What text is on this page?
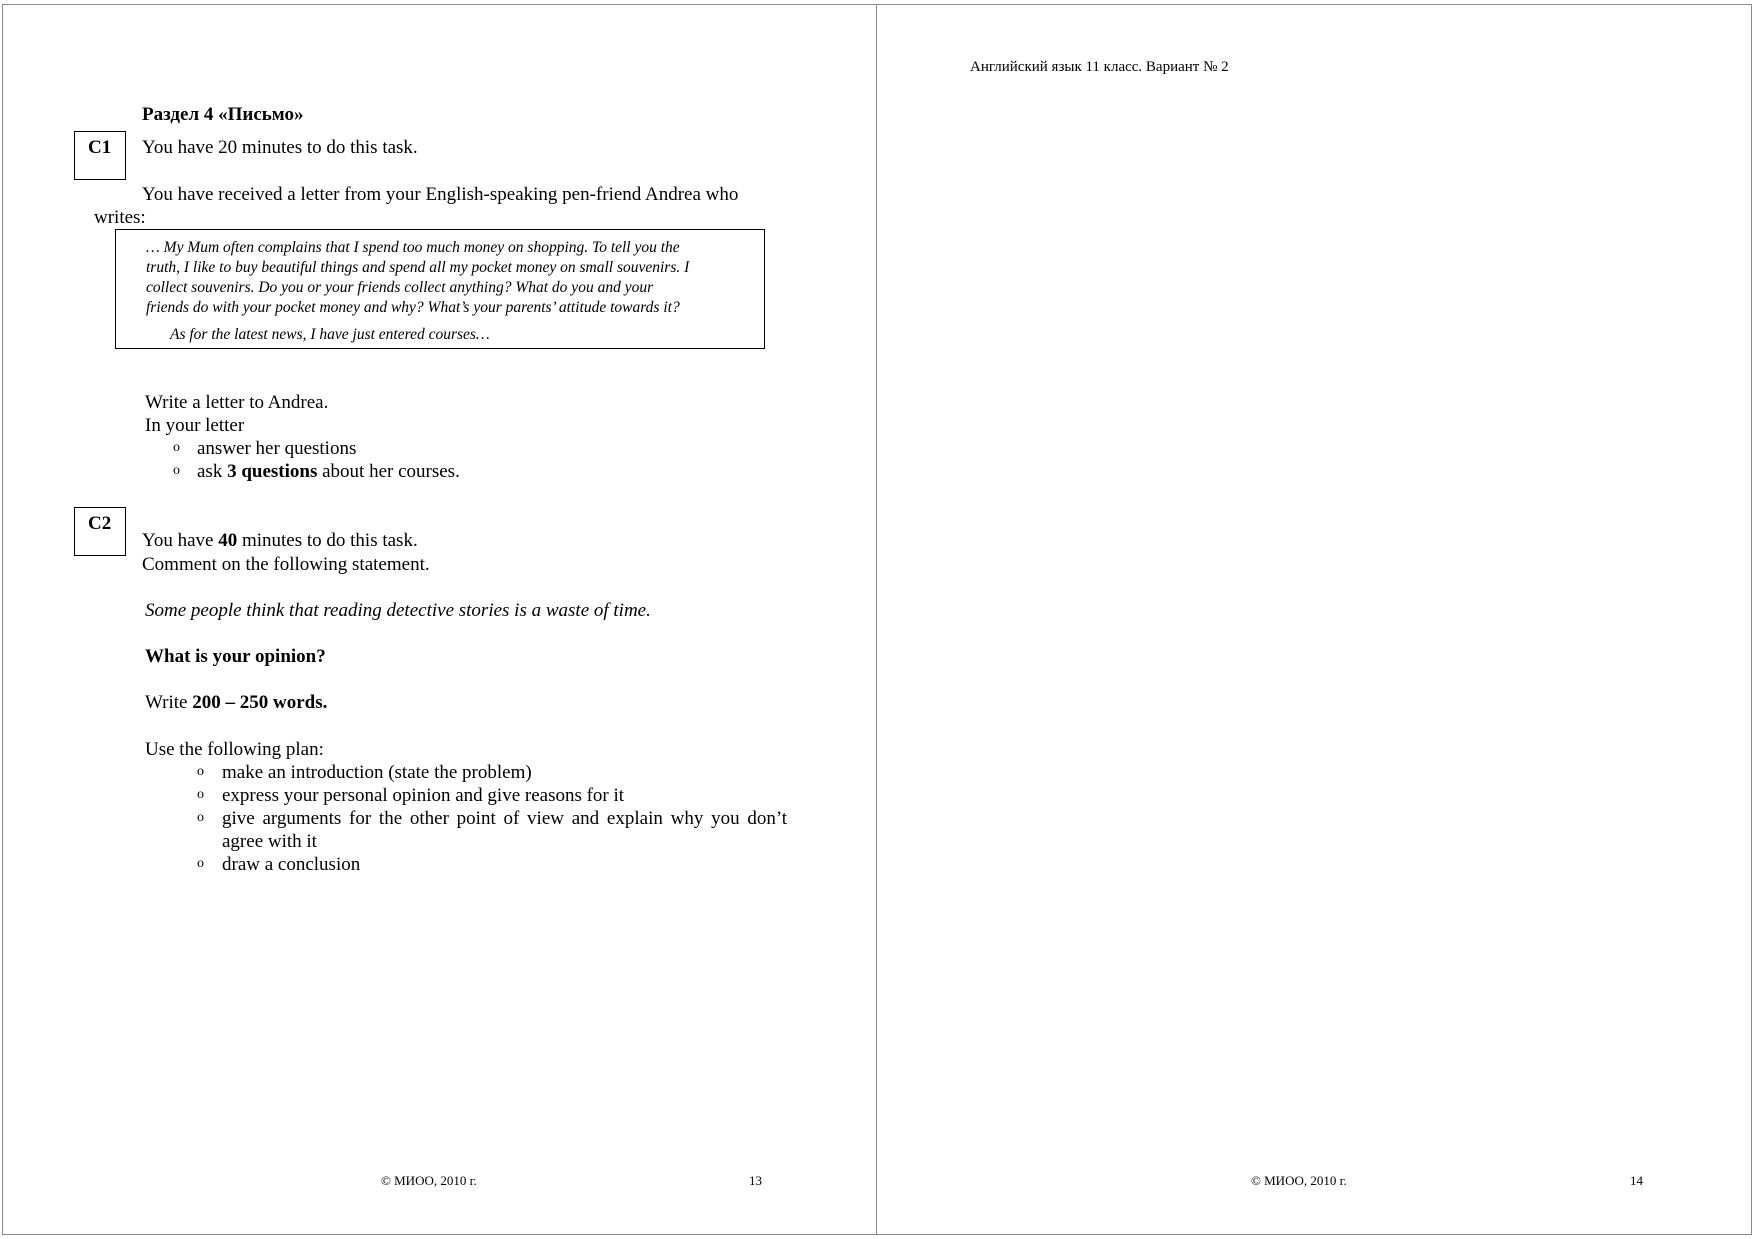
Раздел 4 «Письмо»
C1	You have 20 minutes to do this task.
You have received a letter from your English-speaking pen-friend Andrea who
writes:
… My Mum often complains that I spend too much money on shopping. To tell you the
truth, I like to buy beautiful things and spend all my pocket money on small souvenirs. I
collect souvenirs. Do you or your friends collect anything? What do you and your
friends do with your pocket money and why? What’s your parents’ attitude towards it?
As for the latest news, I have just entered courses…
Write a letter to Andrea.
In your letter
o answer her questions
o ask 3 questions about her courses.
C2
You have 40 minutes to do this task.
Comment on the following statement.
Some people think that reading detective stories is a waste of time.
What is your opinion?
Write 200 – 250 words.
Use the following plan:
o make an introduction (state the problem)
o express your personal opinion and give reasons for it
o give arguments for the other point of view and explain why you don’t
agree with it
o draw a conclusion
© МИОО, 2010 г.	13
Английский язык 11 класс. Вариант № 2
© МИОО, 2010 г.	14
